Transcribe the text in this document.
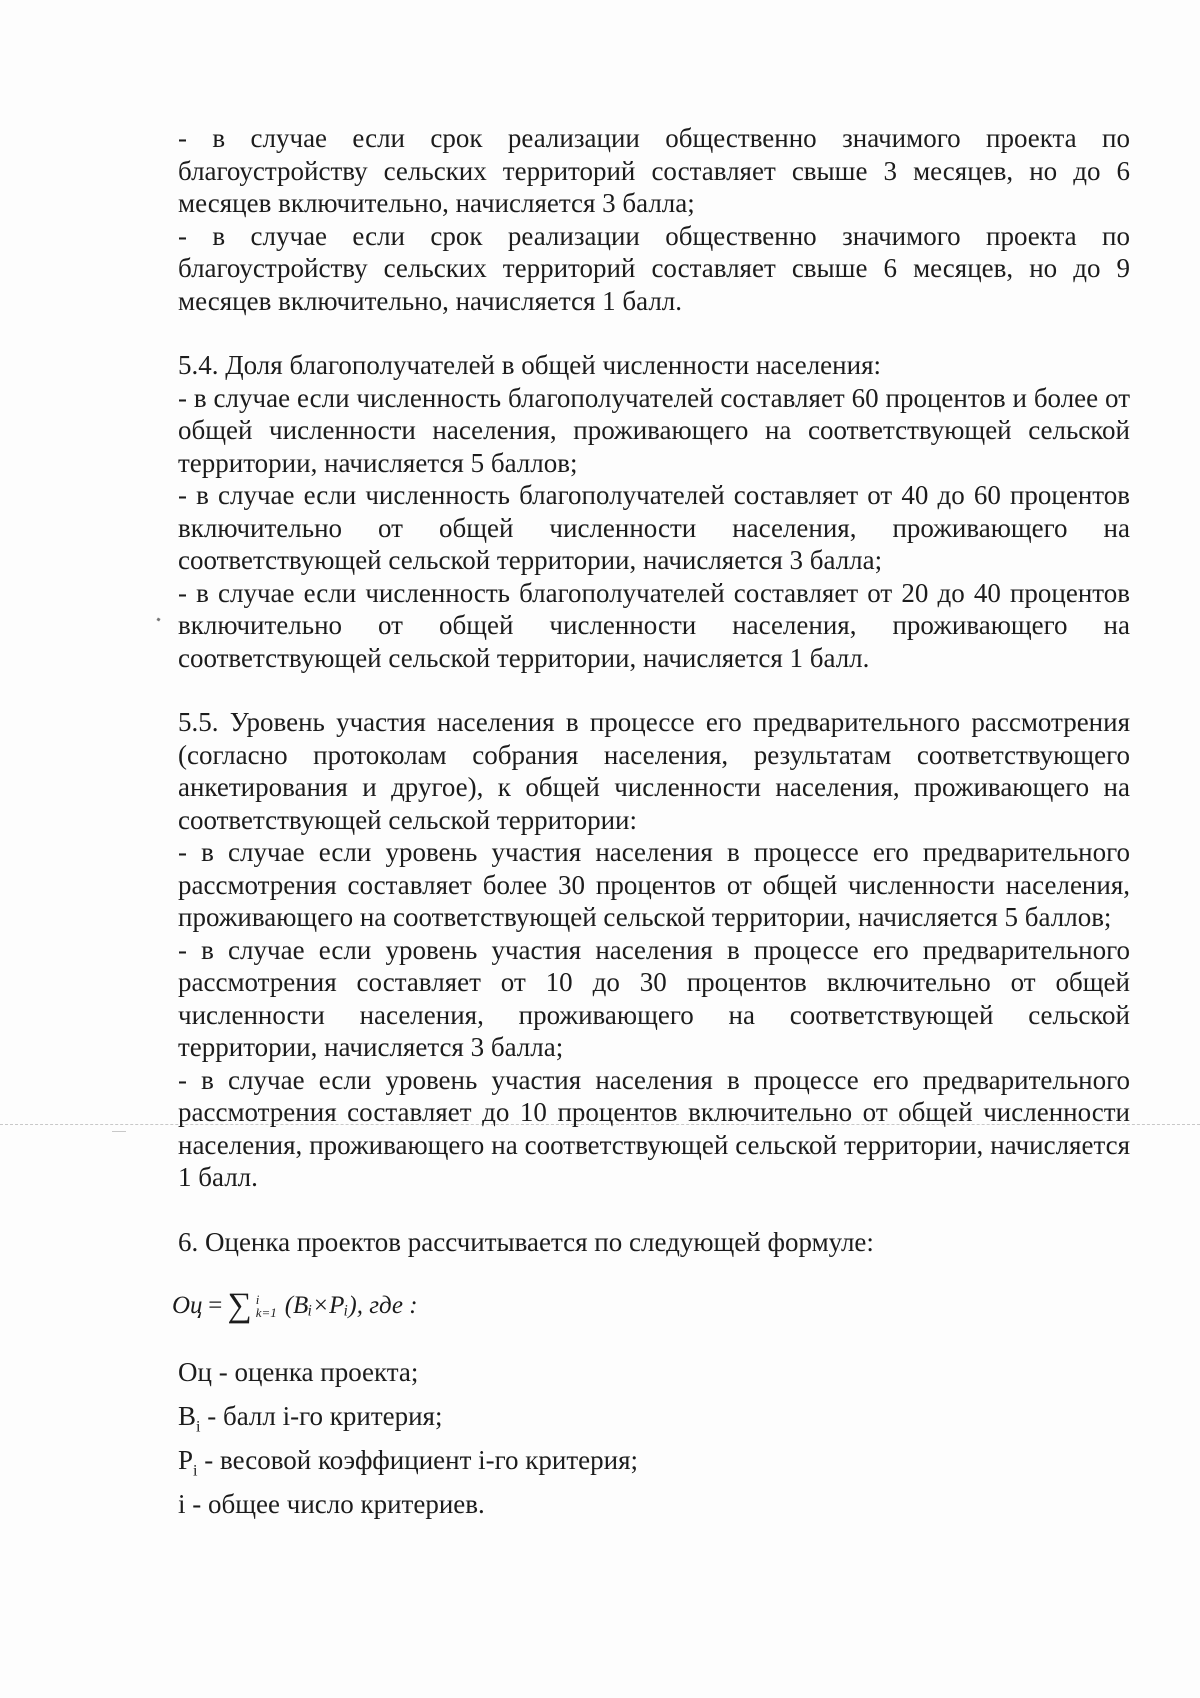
- в случае если срок реализации общественно значимого проекта по благоустройству сельских территорий составляет свыше 3 месяцев, но до 6 месяцев включительно, начисляется 3 балла;

- в случае если срок реализации общественно значимого проекта по благоустройству сельских территорий составляет свыше 6 месяцев, но до 9 месяцев включительно, начисляется 1 балл.

5.4. Доля благополучателей в общей численности населения:

- в случае если численность благополучателей составляет 60 процентов и более от общей численности населения, проживающего на соответствующей сельской территории, начисляется 5 баллов;

- в случае если численность благополучателей составляет от 40 до 60 процентов включительно от общей численности населения, проживающего на соответствующей сельской территории, начисляется 3 балла;

- в случае если численность благополучателей составляет от 20 до 40 процентов включительно от общей численности населения, проживающего на соответствующей сельской территории, начисляется 1 балл.

5.5. Уровень участия населения в процессе его предварительного рассмотрения (согласно протоколам собрания населения, результатам соответствующего анкетирования и другое), к общей численности населения, проживающего на соответствующей сельской территории:

- в случае если уровень участия населения в процессе его предварительного рассмотрения составляет более 30 процентов от общей численности населения, проживающего на соответствующей сельской территории, начисляется 5 баллов;

- в случае если уровень участия населения в процессе его предварительного рассмотрения составляет от 10 до 30 процентов включительно от общей численности населения, проживающего на соответствующей сельской территории, начисляется 3 балла;

- в случае если уровень участия населения в процессе его предварительного рассмотрения составляет до 10 процентов включительно от общей численности населения, проживающего на соответствующей сельской территории, начисляется 1 балл.

6. Оценка проектов рассчитывается по следующей формуле:

Оц = ∑ i
k=1 (Bᵢ×Pᵢ), где :

Оц - оценка проекта;

$B_i$ - балл i-го критерия;

$P_i$ - весовой коэффициент i-го критерия;

i - общее число критериев.
